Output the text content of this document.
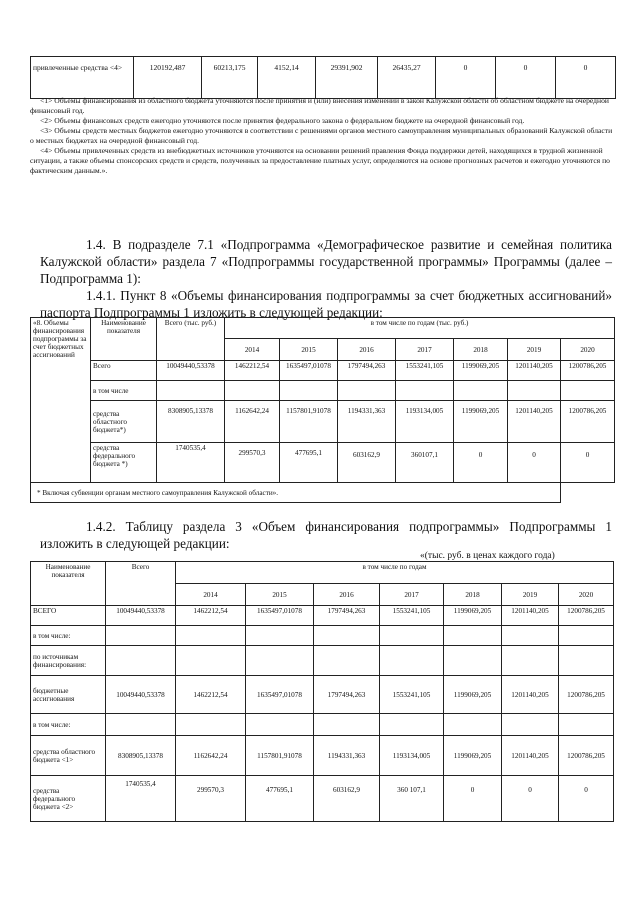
привлеченные средства <4>	120192,487	60213,175	4152,14	29391,902	26435,27	0	0	0

<1> Объемы финансирования из областного бюджета уточняются после принятия и (или) внесения изменений в закон Калужской области об областном бюджете на очередной финансовый год.

<2> Объемы финансовых средств ежегодно уточняются после принятия федерального закона о федеральном бюджете на очередной финансовый год.

<3> Объемы средств местных бюджетов ежегодно уточняются в соответствии с решениями органов местного самоуправления муниципальных образований Калужской области о местных бюджетах на очередной финансовый год.

<4> Объемы привлеченных средств из внебюджетных источников уточняются на основании решений правления Фонда поддержки детей, находящихся в трудной жизненной ситуации, а также объемы спонсорских средств и средств, полученных за предоставление платных услуг, определяются на основе прогнозных расчетов и ежегодно уточняются по фактическим данным.».

1.4. В подразделе 7.1 «Подпрограмма «Демографическое развитие и семейная политика Калужской области» раздела 7 «Подпрограммы государственной программы» Программы (далее – Подпрограмма 1):

1.4.1. Пункт 8 «Объемы финансирования подпрограммы за счет бюджетных ассигнований» паспорта Подпрограммы 1 изложить в следующей редакции:

«8. Объемы финансирования подпрограммы за счет бюджетных ассигнований	Наименование показателя	Всего (тыс. руб.)	в том числе по годам (тыс. руб.)						
			2014	2015	2016	2017	2018	2019	2020
	Всего	10049440,53378	1462212,54	1635497,01078	1797494,263	1553241,105	1199069,205	1201140,205	1200786,205
	в том числе								
	средства областного бюджета*)	8308905,13378	1162642,24	1157801,91078	1194331,363	1193134,005	1199069,205	1201140,205	1200786,205
	средства федерального бюджета *)	1740535,4	299570,3	477695,1	603162,9	360107,1	0	0	0
* Включая субвенции органам местного самоуправления Калужской области».									

1.4.2. Таблицу раздела 3 «Объем финансирования подпрограммы» Подпрограммы 1 изложить в следующей редакции:

«(тыс. руб. в ценах каждого года)
Наименование показателя	Всего	в том числе по годам						
		2014	2015	2016	2017	2018	2019	2020
ВСЕГО	10049440,53378	1462212,54	1635497,01078	1797494,263	1553241,105	1199069,205	1201140,205	1200786,205
в том числе:								
по источникам финансирования:								
бюджетные ассигнования	10049440,53378	1462212,54	1635497,01078	1797494,263	1553241,105	1199069,205	1201140,205	1200786,205
в том числе:								
средства областного бюджета <1>	8308905,13378	1162642,24	1157801,91078	1194331,363	1193134,005	1199069,205	1201140,205	1200786,205
средства федерального бюджета <2>	1740535,4	299570,3	477695,1	603162,9	360 107,1	0	0	0
